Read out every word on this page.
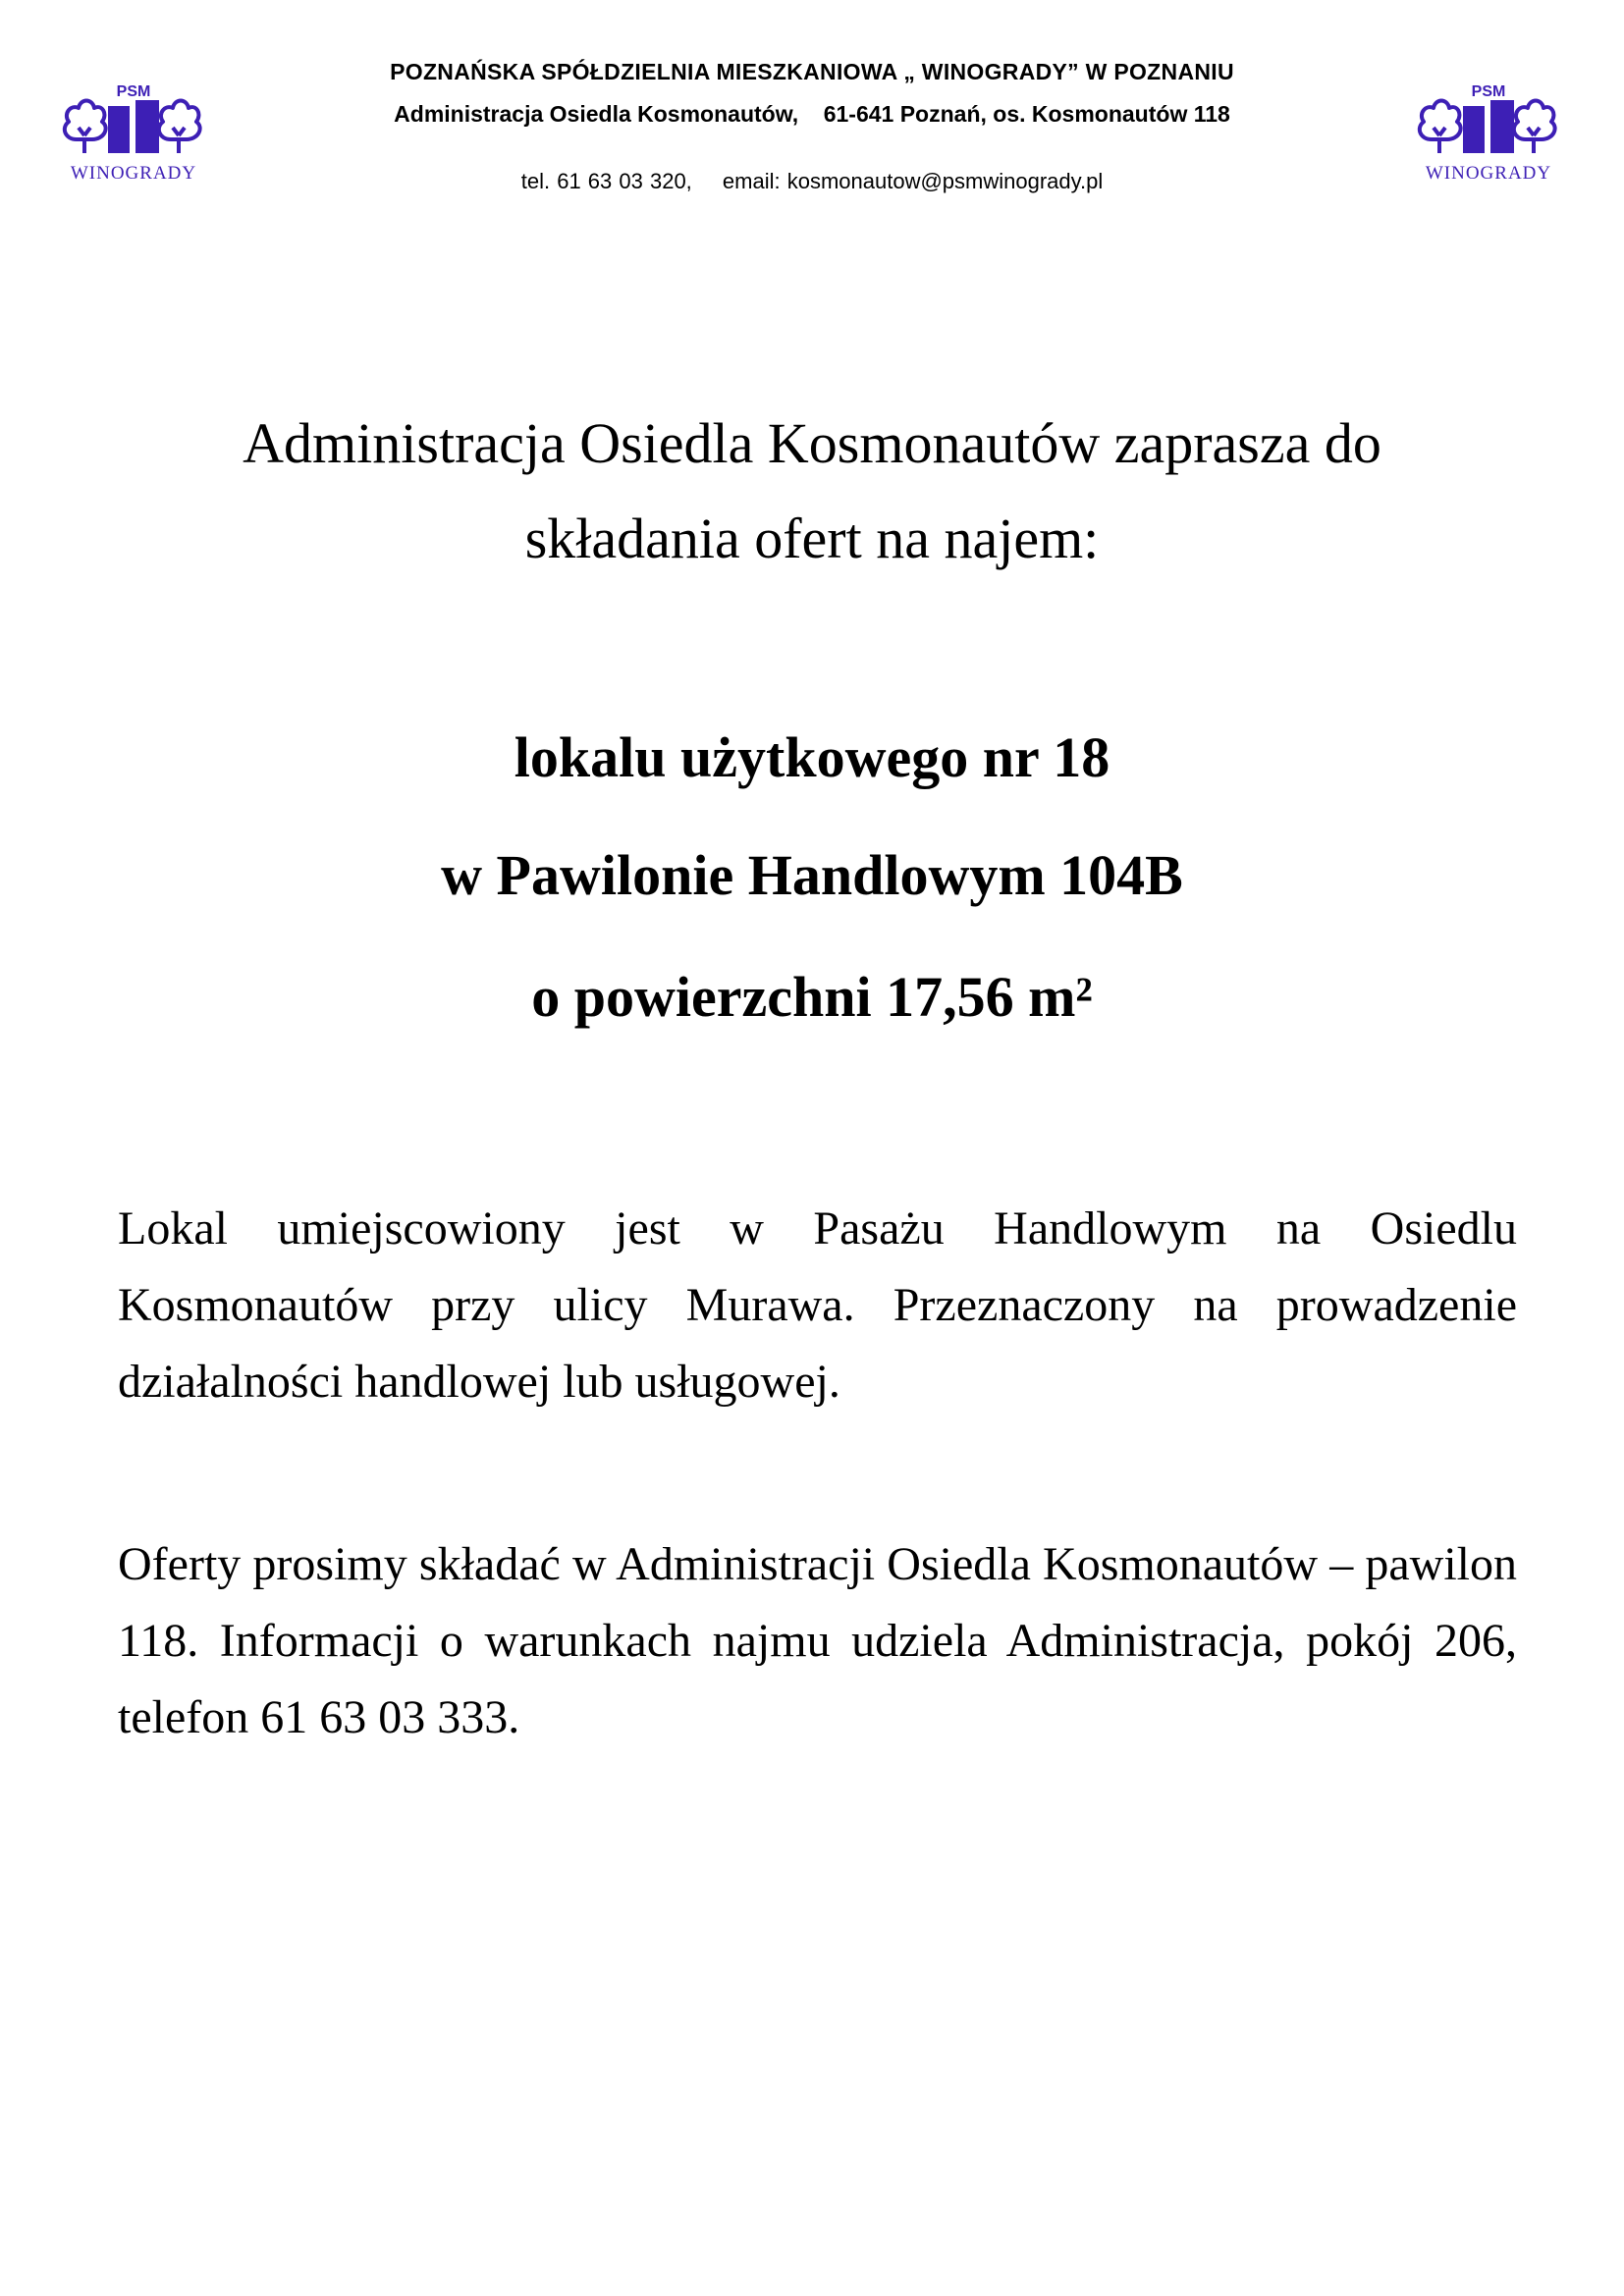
PSM
WINOGRADY
PSM
WINOGRADY
POZNAŃSKA SPÓŁDZIELNIA MIESZKANIOWA „ WINOGRADY” W POZNANIU
Administracja Osiedla Kosmonautów, 61-641 Poznań, os. Kosmonautów 118
tel. 61 63 03 320, email: kosmonautow@psmwinogrady.pl
Administracja Osiedla Kosmonautów zaprasza do
składania ofert na najem:
lokalu użytkowego nr 18
w Pawilonie Handlowym 104B
o powierzchni 17,56 m²
Lokal umiejscowiony jest w Pasażu Handlowym na Osiedlu Kosmonautów przy ulicy Murawa. Przeznaczony na prowadzenie działalności handlowej lub usługowej.
Oferty prosimy składać w Administracji Osiedla Kosmonautów – pawilon 118. Informacji o warunkach najmu udziela Administracja, pokój 206, telefon 61 63 03 333.
